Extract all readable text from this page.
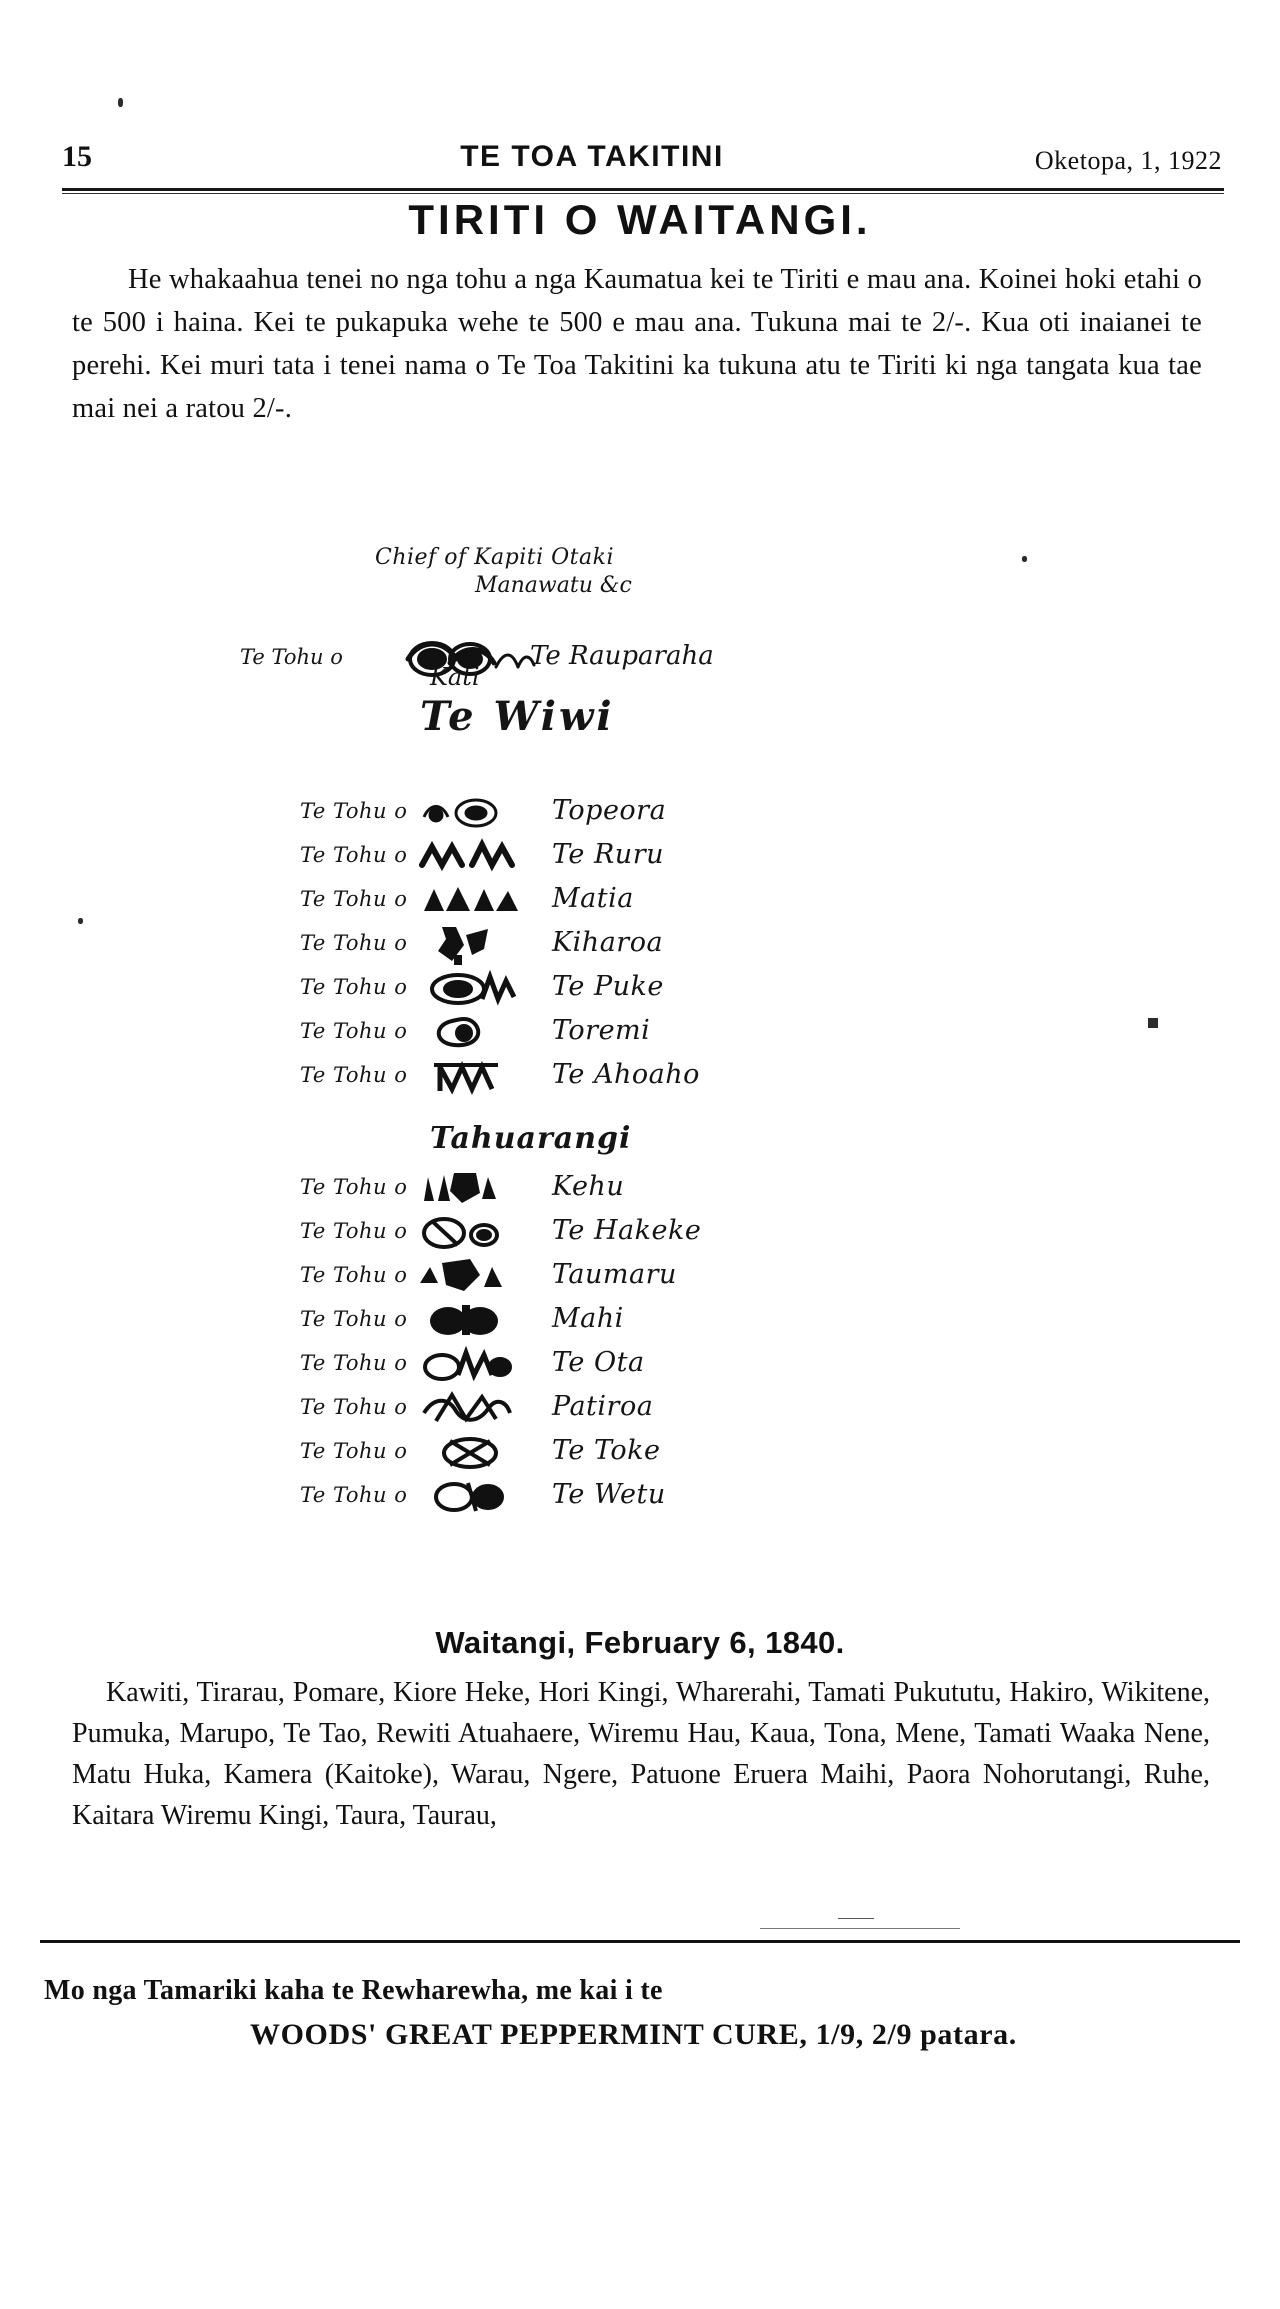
15	TE TOA TAKITINI	Oketopa, 1, 1922
TIRITI O WAITANGI.
He whakaahua tenei no nga tohu a nga Kaumatua kei te Tiriti e mau ana. Koinei hoki etahi o te 500 i haina. Kei te pukapuka wehe te 500 e mau ana. Tukuna mai te 2/-. Kua oti inaianei te perehi. Kei muri tata i tenei nama o Te Toa Takitini ka tukuna atu te Tiriti ki nga tangata kua tae mai nei a ratou 2/-.
Chief of Kapiti Otaki
Manawatu &c
Te Tohu o	Te Rauparaha
Kati
Te Wiwi
Te Tohu o	Topeora
Te Tohu o	Te Ruru
Te Tohu o	Matia
Te Tohu o	Kiharoa
Te Tohu o	Te Puke
Te Tohu o	Toremi
Te Tohu o	Te Ahoaho
Tahuarangi
Te Tohu o	Kehu
Te Tohu o	Te Hakeke
Te Tohu o	Taumaru
Te Tohu o	Mahi
Te Tohu o	Te Ota
Te Tohu o	Patiroa
Te Tohu o	Te Toke
Te Tohu o	Te Wetu
Waitangi, February 6, 1840.
Kawiti, Tirarau, Pomare, Kiore Heke, Hori Kingi, Wharerahi, Tamati Pukututu, Hakiro, Wikitene, Pumuka, Marupo, Te Tao, Rewiti Atuahaere, Wiremu Hau, Kaua, Tona, Mene, Tamati Waaka Nene, Matu Huka, Kamera (Kaitoke), Warau, Ngere, Patuone Eruera Maihi, Paora Nohorutangi, Ruhe, Kaitara Wiremu Kingi, Taura, Taurau,
Mo nga Tamariki kaha te Rewharewha, me kai i te
WOODS' GREAT PEPPERMINT CURE, 1/9, 2/9 patara.
